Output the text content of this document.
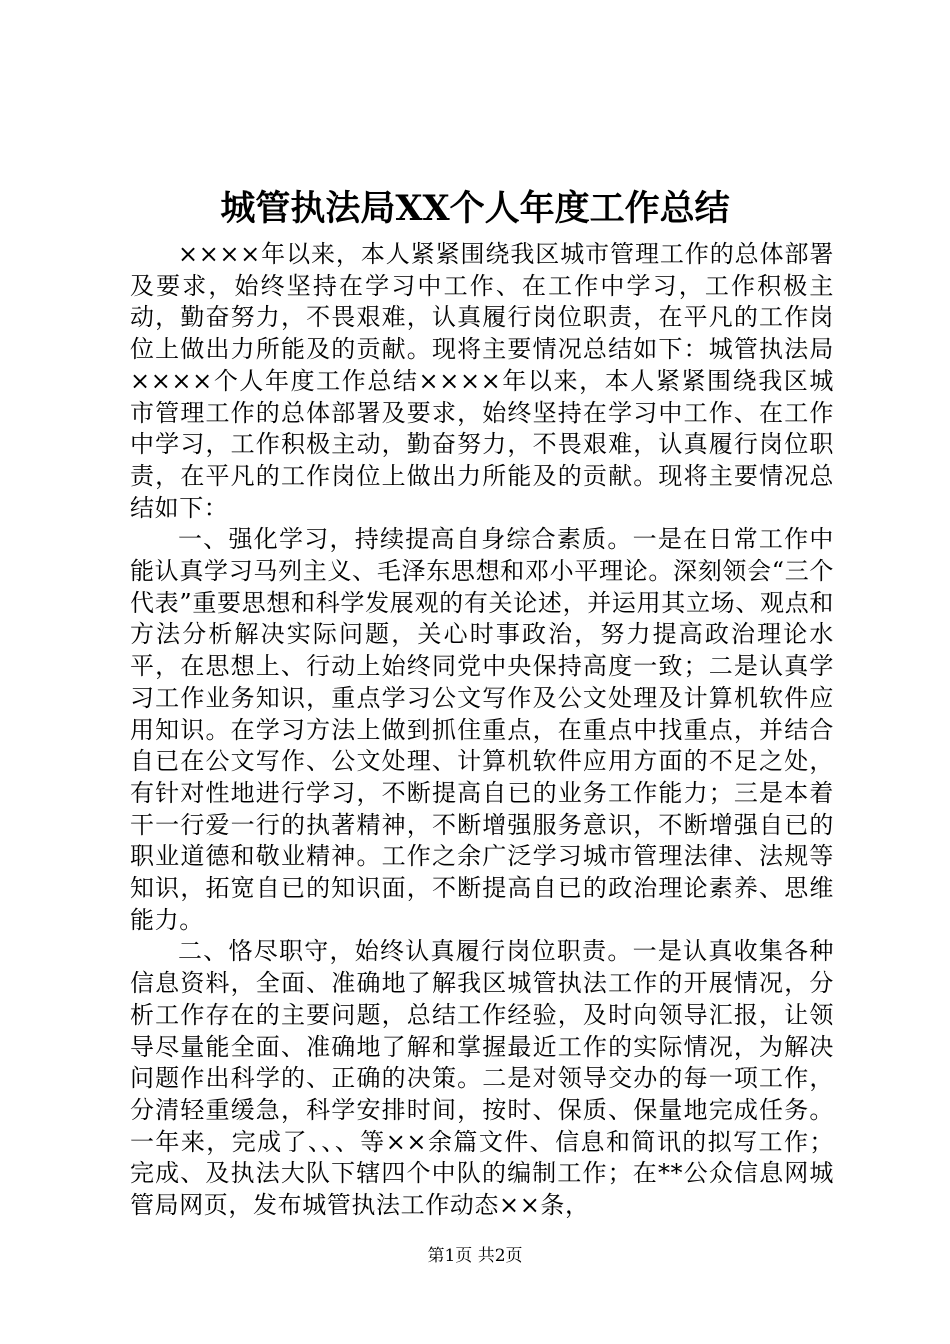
城管执法局XX个人年度工作总结

××××年以来，本人紧紧围绕我区城市管理工作的总体部署及要求，始终坚持在学习中工作、在工作中学习，工作积极主动，勤奋努力，不畏艰难，认真履行岗位职责，在平凡的工作岗位上做出力所能及的贡献。现将主要情况总结如下：城管执法局××××个人年度工作总结××××年以来，本人紧紧围绕我区城市管理工作的总体部署及要求，始终坚持在学习中工作、在工作中学习，工作积极主动，勤奋努力，不畏艰难，认真履行岗位职责，在平凡的工作岗位上做出力所能及的贡献。现将主要情况总结如下：

一、强化学习，持续提高自身综合素质。一是在日常工作中能认真学习马列主义、毛泽东思想和邓小平理论。深刻领会“三个代表”重要思想和科学发展观的有关论述，并运用其立场、观点和方法分析解决实际问题，关心时事政治，努力提高政治理论水平，在思想上、行动上始终同党中央保持高度一致；二是认真学习工作业务知识，重点学习公文写作及公文处理及计算机软件应用知识。在学习方法上做到抓住重点，在重点中找重点，并结合自已在公文写作、公文处理、计算机软件应用方面的不足之处，有针对性地进行学习，不断提高自已的业务工作能力；三是本着干一行爱一行的执著精神，不断增强服务意识，不断增强自已的职业道德和敬业精神。工作之余广泛学习城市管理法律、法规等知识，拓宽自已的知识面，不断提高自已的政治理论素养、思维能力。

二、恪尽职守，始终认真履行岗位职责。一是认真收集各种信息资料，全面、准确地了解我区城管执法工作的开展情况，分析工作存在的主要问题，总结工作经验，及时向领导汇报，让领导尽量能全面、准确地了解和掌握最近工作的实际情况，为解决问题作出科学的、正确的决策。二是对领导交办的每一项工作，分清轻重缓急，科学安排时间，按时、保质、保量地完成任务。一年来，完成了、、、等××余篇文件、信息和简讯的拟写工作；完成、及执法大队下辖四个中队的编制工作；在**公众信息网城管局网页，发布城管执法工作动态××条，

第1页 共2页
